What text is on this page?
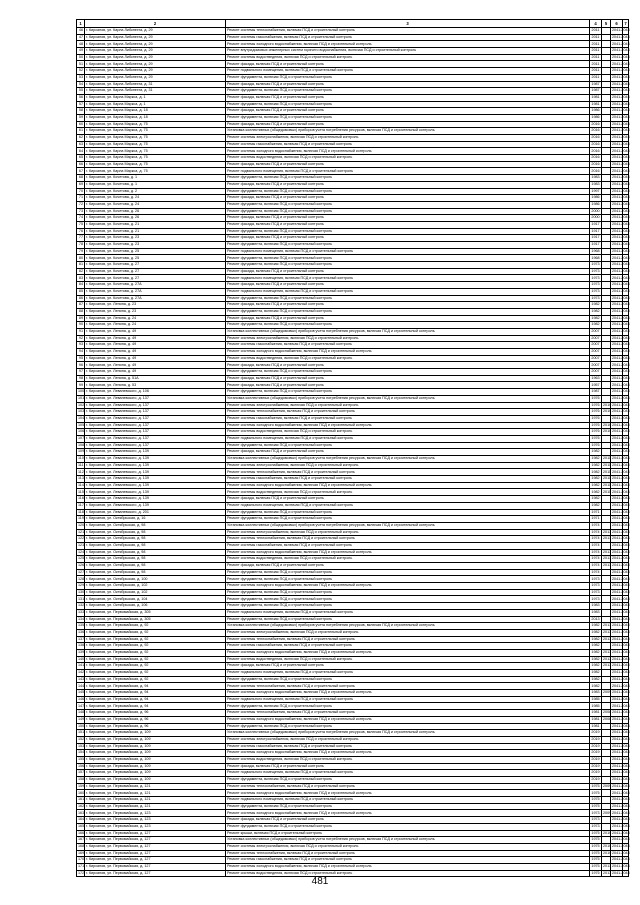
1	2	3	4	5	6	7
46	г. Кирсанов, ул. Карла Либкнехта, д. 29	Ремонт системы теплоснабжения, включая ПСД и строительный контроль	2011		2041-2043	
47	г. Кирсанов, ул. Карла Либкнехта, д. 29	Ремонт системы газоснабжения, включая ПСД и строительный контроль	2011		2041-2043	
48	г. Кирсанов, ул. Карла Либкнехта, д. 29	Ремонт системы холодного водоснабжения, включая ПСД и строительный контроль	2011		2041-2043	
49	г. Кирсанов, ул. Карла Либкнехта, д. 29	Ремонт внутридомовых инженерных систем горячего водоснабжения, включая ПСД и строительный контроль	2011		2041-2043	
50	г. Кирсанов, ул. Карла Либкнехта, д. 29	Ремонт системы водоотведения, включая ПСД и строительный контроль	2011		2041-2043	
51	г. Кирсанов, ул. Карла Либкнехта, д. 29	Ремонт фасада, включая ПСД и строительный контроль	2011		2041-2043	
52	г. Кирсанов, ул. Карла Либкнехта, д. 29	Ремонт подвального помещения, включая ПСД и строительный контроль	2011		2041-2043	
53	г. Кирсанов, ул. Карла Либкнехта, д. 29	Ремонт фундамента, включая ПСД и строительный контроль	2011		2041-2043	
54	г. Кирсанов, ул. Карла Либкнехта, д. 31	Ремонт фасада, включая ПСД и строительный контроль	1987		2041-2043	
55	г. Кирсанов, ул. Карла Либкнехта, д. 31	Ремонт фундамента, включая ПСД и строительный контроль	1987		2041-2043	
56	г. Кирсанов, ул. Карла Маркса, д. 1	Ремонт фасада, включая ПСД и строительный контроль	1981		2041-2043	
57	г. Кирсанов, ул. Карла Маркса, д. 1	Ремонт фундамента, включая ПСД и строительный контроль	1981		2041-2043	
58	г. Кирсанов, ул. Карла Маркса, д. 18	Ремонт фасада, включая ПСД и строительный контроль	1986		2041-2043	
59	г. Кирсанов, ул. Карла Маркса, д. 18	Ремонт фундамента, включая ПСД и строительный контроль	1986		2041-2043	
60	г. Кирсанов, ул. Карла Маркса, д. 75	Ремонт фасада, включая ПСД и строительный контроль	2016		2041-2043	
61	г. Кирсанов, ул. Карла Маркса, д. 75	Установка коллективных (общедомовых) приборов учета потребления ресурсов, включая ПСД и строительный контроль	2016		2041-2043	
62	г. Кирсанов, ул. Карла Маркса, д. 75	Ремонт системы электроснабжения, включая ПСД и строительный контроль	2016		2041-2043	
63	г. Кирсанов, ул. Карла Маркса, д. 75	Ремонт системы газоснабжения, включая ПСД и строительный контроль	2016		2041-2043	
64	г. Кирсанов, ул. Карла Маркса, д. 75	Ремонт системы холодного водоснабжения, включая ПСД и строительный контроль	2016		2041-2043	
65	г. Кирсанов, ул. Карла Маркса, д. 75	Ремонт системы водоотведения, включая ПСД и строительный контроль	2016		2041-2043	
66	г. Кирсанов, ул. Карла Маркса, д. 75	Ремонт фасада, включая ПСД и строительный контроль	2016		2041-2043	
67	г. Кирсанов, ул. Карла Маркса, д. 75	Ремонт подвального помещения, включая ПСД и строительный контроль	2016		2041-2043	
68	г. Кирсанов, ул. Кочетова, д. 1	Ремонт фундамента, включая ПСД и строительный контроль	1983		2041-2043	
69	г. Кирсанов, ул. Кочетова, д. 1	Ремонт фасада, включая ПСД и строительный контроль	1983		2041-2043	
70	г. Кирсанов, ул. Кочетова, д. 2	Ремонт фундамента, включая ПСД и строительный контроль	1997		2041-2043	
71	г. Кирсанов, ул. Кочетова, д. 24	Ремонт фасада, включая ПСД и строительный контроль	1986		2041-2043	
72	г. Кирсанов, ул. Кочетова, д. 24	Ремонт фундамента, включая ПСД и строительный контроль	1986		2041-2043	
73	г. Кирсанов, ул. Кочетова, д. 26	Ремонт фундамента, включая ПСД и строительный контроль	2000		2041-2043	
74	г. Кирсанов, ул. Кочетова, д. 26	Ремонт фасада, включая ПСД и строительный контроль	2000		2041-2043	
75	г. Кирсанов, ул. Кочетова, д. 21	Ремонт фасада, включая ПСД и строительный контроль	1917		2041-2043	
76	г. Кирсанов, ул. Кочетова, д. 21	Ремонт фундамента, включая ПСД и строительный контроль	1917		2041-2043	
77	г. Кирсанов, ул. Кочетова, д. 23	Ремонт фасада, включая ПСД и строительный контроль	1917		2041-2043	
78	г. Кирсанов, ул. Кочетова, д. 23	Ремонт фундамента, включая ПСД и строительный контроль	1917		2041-2043	
79	г. Кирсанов, ул. Кочетова, д. 25	Ремонт подвального помещения, включая ПСД и строительный контроль	1968		2041-2043	
80	г. Кирсанов, ул. Кочетова, д. 25	Ремонт фундамента, включая ПСД и строительный контроль	1968		2041-2043	
81	г. Кирсанов, ул. Кочетова, д. 27	Ремонт фундамента, включая ПСД и строительный контроль	1973		2041-2043	
82	г. Кирсанов, ул. Кочетова, д. 27	Ремонт фасада, включая ПСД и строительный контроль	1973		2041-2043	
83	г. Кирсанов, ул. Кочетова, д. 27	Ремонт подвального помещения, включая ПСД и строительный контроль	1973		2041-2043	
84	г. Кирсанов, ул. Кочетова, д. 27А	Ремонт фасада, включая ПСД и строительный контроль	1973		2041-2043	
85	г. Кирсанов, ул. Кочетова, д. 27А	Ремонт подвального помещения, включая ПСД и строительный контроль	1973		2041-2043	
86	г. Кирсанов, ул. Кочетова, д. 27А	Ремонт фундамента, включая ПСД и строительный контроль	1973		2041-2043	
87	г. Кирсанов, ул. Ленина, д. 23	Ремонт фасада, включая ПСД и строительный контроль	1982		2041-2043	
88	г. Кирсанов, ул. Ленина, д. 23	Ремонт фундамента, включая ПСД и строительный контроль	1982		2041-2043	
89	г. Кирсанов, ул. Ленина, д. 24	Ремонт фасада, включая ПСД и строительный контроль	1982		2041-2043	
90	г. Кирсанов, ул. Ленина, д. 24	Ремонт фундамента, включая ПСД и строительный контроль	1982		2041-2043	
91	г. Кирсанов, ул. Ленина, д. 49	Установка коллективных (общедомовых) приборов учета потребления ресурсов, включая ПСД и строительный контроль	2007		2041-2043	
92	г. Кирсанов, ул. Ленина, д. 49	Ремонт системы электроснабжения, включая ПСД и строительный контроль	2007		2041-2043	
93	г. Кирсанов, ул. Ленина, д. 49	Ремонт системы газоснабжения, включая ПСД и строительный контроль	2007		2041-2043	
94	г. Кирсанов, ул. Ленина, д. 49	Ремонт системы холодного водоснабжения, включая ПСД и строительный контроль	2007		2041-2043	
95	г. Кирсанов, ул. Ленина, д. 49	Ремонт системы водоотведения, включая ПСД и строительный контроль	2007		2041-2043	
96	г. Кирсанов, ул. Ленина, д. 49	Ремонт фасада, включая ПСД и строительный контроль	2007		2041-2043	
97	г. Кирсанов, ул. Ленина, д. 49	Ремонт фундамента, включая ПСД и строительный контроль	2007		2041-2043	
98	г. Кирсанов, ул. Ленина, д. 51А	Ремонт фасада, включая ПСД и строительный контроль	1963		2041-2043	
99	г. Кирсанов, ул. Ленина, д. 53	Ремонт фасада, включая ПСД и строительный контроль	1957		2041-2043	
100	г. Кирсанов, ул. Леваневского, д. 106	Ремонт фундамента, включая ПСД и строительный контроль	1987		2041-2043	
101	г. Кирсанов, ул. Леваневского, д. 137	Установка коллективных (общедомовых) приборов учета потребления ресурсов, включая ПСД и строительный контроль	1976		2041-2043	
102	г. Кирсанов, ул. Леваневского, д. 137	Ремонт системы электроснабжения, включая ПСД и строительный контроль	1976	2010	2041-2043	
103	г. Кирсанов, ул. Леваневского, д. 137	Ремонт системы теплоснабжения, включая ПСД и строительный контроль	1976	2010	2041-2043	
104	г. Кирсанов, ул. Леваневского, д. 137	Ремонт системы газоснабжения, включая ПСД и строительный контроль	1976		2041-2043	
105	г. Кирсанов, ул. Леваневского, д. 137	Ремонт системы холодного водоснабжения, включая ПСД и строительный контроль	1976	2010	2041-2043	
106	г. Кирсанов, ул. Леваневского, д. 137	Ремонт системы водоотведения, включая ПСД и строительный контроль	1976	2010	2041-2043	
107	г. Кирсанов, ул. Леваневского, д. 137	Ремонт подвального помещения, включая ПСД и строительный контроль	1976		2041-2043	
108	г. Кирсанов, ул. Леваневского, д. 137	Ремонт фундамента, включая ПСД и строительный контроль	1976		2041-2043	
109	г. Кирсанов, ул. Леваневского, д. 139	Ремонт фасада, включая ПСД и строительный контроль	1982		2041-2043	
110	г. Кирсанов, ул. Леваневского, д. 139	Установка коллективных (общедомовых) приборов учета потребления ресурсов, включая ПСД и строительный контроль	1982	2011	2041-2043	
111	г. Кирсанов, ул. Леваневского, д. 139	Ремонт системы электроснабжения, включая ПСД и строительный контроль	1982	2011	2041-2043	
112	г. Кирсанов, ул. Леваневского, д. 139	Ремонт системы теплоснабжения, включая ПСД и строительный контроль	1982	2011	2041-2043	
113	г. Кирсанов, ул. Леваневского, д. 139	Ремонт системы газоснабжения, включая ПСД и строительный контроль	1982	2011	2041-2043	
114	г. Кирсанов, ул. Леваневского, д. 139	Ремонт системы холодного водоснабжения, включая ПСД и строительный контроль	1982	2011	2041-2043	
115	г. Кирсанов, ул. Леваневского, д. 139	Ремонт системы водоотведения, включая ПСД и строительный контроль	1982	2011	2041-2043	
116	г. Кирсанов, ул. Леваневского, д. 139	Ремонт фасада, включая ПСД и строительный контроль	1982		2041-2043	
117	г. Кирсанов, ул. Леваневского, д. 139	Ремонт подвального помещения, включая ПСД и строительный контроль	1982		2041-2043	
118	г. Кирсанов, ул. Леваневского, д. 201	Ремонт фундамента, включая ПСД и строительный контроль	1971		2041-2043	
119	г. Кирсанов, ул. Октябрьская, д. 16	Ремонт фундамента, включая ПСД и строительный контроль	1971		2041-2043	
120	г. Кирсанов, ул. Октябрьская, д. 98	Установка коллективных (общедомовых) приборов учета потребления ресурсов, включая ПСД и строительный контроль	1974		2041-2043	
121	г. Кирсанов, ул. Октябрьская, д. 98	Ремонт системы электроснабжения, включая ПСД и строительный контроль	1974	2013	2041-2043	
122	г. Кирсанов, ул. Октябрьская, д. 98	Ремонт системы теплоснабжения, включая ПСД и строительный контроль	1974	2013	2041-2043	
123	г. Кирсанов, ул. Октябрьская, д. 98	Ремонт системы газоснабжения, включая ПСД и строительный контроль	1974		2041-2043	
124	г. Кирсанов, ул. Октябрьская, д. 98	Ремонт системы холодного водоснабжения, включая ПСД и строительный контроль	1974	2013	2041-2043	
125	г. Кирсанов, ул. Октябрьская, д. 98	Ремонт системы водоотведения, включая ПСД и строительный контроль	1974	2013	2041-2043	
126	г. Кирсанов, ул. Октябрьская, д. 98	Ремонт фасада, включая ПСД и строительный контроль	1974	2013	2041-2043	
127	г. Кирсанов, ул. Октябрьская, д. 98	Ремонт фундамента, включая ПСД и строительный контроль	1974		2041-2043	
128	г. Кирсанов, ул. Октябрьская, д. 100	Ремонт фундамента, включая ПСД и строительный контроль	1973		2041-2043	
129	г. Кирсанов, ул. Октябрьская, д. 102	Ремонт системы холодного водоснабжения, включая ПСД и строительный контроль	1973		2041-2043	
130	г. Кирсанов, ул. Октябрьская, д. 102	Ремонт фундамента, включая ПСД и строительный контроль	1973		2041-2043	
131	г. Кирсанов, ул. Октябрьская, д. 104	Ремонт фундамента, включая ПСД и строительный контроль	1973		2041-2043	
132	г. Кирсанов, ул. Октябрьская, д. 106	Ремонт фундамента, включая ПСД и строительный контроль	1983		2041-2043	
133	г. Кирсанов, ул. Первомайская, д. 305	Ремонт подвального помещения, включая ПСД и строительный контроль	1983		2041-2043	
134	г. Кирсанов, ул. Первомайская, д. 305	Ремонт фундамента, включая ПСД и строительный контроль	2013		2041-2043	
135	г. Кирсанов, ул. Первомайская, д. 92	Установка коллективных (общедомовых) приборов учета потребления ресурсов, включая ПСД и строительный контроль	1982	2013	2041-2043	
136	г. Кирсанов, ул. Первомайская, д. 92	Ремонт системы электроснабжения, включая ПСД и строительный контроль	1982	2013	2041-2043	
137	г. Кирсанов, ул. Первомайская, д. 92	Ремонт системы теплоснабжения, включая ПСД и строительный контроль	1982	2013	2041-2043	
138	г. Кирсанов, ул. Первомайская, д. 92	Ремонт системы газоснабжения, включая ПСД и строительный контроль	1982		2041-2043	
139	г. Кирсанов, ул. Первомайская, д. 92	Ремонт системы холодного водоснабжения, включая ПСД и строительный контроль	1982	2013	2041-2043	
140	г. Кирсанов, ул. Первомайская, д. 92	Ремонт системы водоотведения, включая ПСД и строительный контроль	1982	2013	2041-2043	
141	г. Кирсанов, ул. Первомайская, д. 92	Ремонт фасада, включая ПСД и строительный контроль	1982	2013	2041-2043	
142	г. Кирсанов, ул. Первомайская, д. 92	Ремонт подвального помещения, включая ПСД и строительный контроль	1982		2041-2043	
143	г. Кирсанов, ул. Первомайская, д. 92	Ремонт фундамента, включая ПСД и строительный контроль	1982		2041-2043	
144	г. Кирсанов, ул. Первомайская, д. 94	Ремонт системы теплоснабжения, включая ПСД и строительный контроль	1982		2041-2043	
145	г. Кирсанов, ул. Первомайская, д. 94	Ремонт системы холодного водоснабжения, включая ПСД и строительный контроль	1983	2009	2041-2043	
146	г. Кирсанов, ул. Первомайская, д. 94	Ремонт подвального помещения, включая ПСД и строительный контроль	1985		2041-2043	
147	г. Кирсанов, ул. Первомайская, д. 94	Ремонт фундамента, включая ПСД и строительный контроль	1985		2041-2043	
148	г. Кирсанов, ул. Первомайская, д. 96	Ремонт системы теплоснабжения, включая ПСД и строительный контроль	1981	2008	2041-2043	
149	г. Кирсанов, ул. Первомайская, д. 96	Ремонт системы холодного водоснабжения, включая ПСД и строительный контроль	1981	2008	2041-2043	
150	г. Кирсанов, ул. Первомайская, д. 96	Ремонт фундамента, включая ПСД и строительный контроль	1981		2041-2043	
151	г. Кирсанов, ул. Первомайская, д. 109	Установка коллективных (общедомовых) приборов учета потребления ресурсов, включая ПСД и строительный контроль	2019		2041-2043	
152	г. Кирсанов, ул. Первомайская, д. 109	Ремонт системы электроснабжения, включая ПСД и строительный контроль	2019		2041-2043	
153	г. Кирсанов, ул. Первомайская, д. 109	Ремонт системы газоснабжения, включая ПСД и строительный контроль	2019		2041-2043	
154	г. Кирсанов, ул. Первомайская, д. 109	Ремонт системы холодного водоснабжения, включая ПСД и строительный контроль	2019		2041-2043	
155	г. Кирсанов, ул. Первомайская, д. 109	Ремонт системы водоотведения, включая ПСД и строительный контроль	2019		2041-2043	
156	г. Кирсанов, ул. Первомайская, д. 109	Ремонт фасада, включая ПСД и строительный контроль	2019		2041-2043	
157	г. Кирсанов, ул. Первомайская, д. 109	Ремонт подвального помещения, включая ПСД и строительный контроль	2019		2041-2043	
158	г. Кирсанов, ул. Первомайская, д. 109	Ремонт фундамента, включая ПСД и строительный контроль	2019		2041-2043	
159	г. Кирсанов, ул. Первомайская, д. 121	Ремонт системы теплоснабжения, включая ПСД и строительный контроль	1975	2009	2041-2043	
160	г. Кирсанов, ул. Первомайская, д. 121	Ремонт системы холодного водоснабжения, включая ПСД и строительный контроль	1975		2041-2043	
161	г. Кирсанов, ул. Первомайская, д. 121	Ремонт подвального помещения, включая ПСД и строительный контроль	1975		2041-2043	
162	г. Кирсанов, ул. Первомайская, д. 121	Ремонт фундамента, включая ПСД и строительный контроль	1975		2041-2043	
163	г. Кирсанов, ул. Первомайская, д. 123	Ремонт системы холодного водоснабжения, включая ПСД и строительный контроль	1973	2009	2041-2043	
164	г. Кирсанов, ул. Первомайская, д. 123	Ремонт фасада, включая ПСД и строительный контроль	1973		2041-2043	
165	г. Кирсанов, ул. Первомайская, д. 123	Ремонт фундамента, включая ПСД и строительный контроль	1973		2041-2043	
166	г. Кирсанов, ул. Первомайская, д. 127	Ремонт крыши, включая ПСД и строительный контроль	1975	2010	2041-2043	
167	г. Кирсанов, ул. Первомайская, д. 127	Установка коллективных (общедомовых) приборов учета потребления ресурсов, включая ПСД и строительный контроль	1975		2041-2043	
168	г. Кирсанов, ул. Первомайская, д. 127	Ремонт системы электроснабжения, включая ПСД и строительный контроль	1975	2010	2041-2043	
169	г. Кирсанов, ул. Первомайская, д. 127	Ремонт системы теплоснабжения, включая ПСД и строительный контроль	1975	2010	2041-2043	
170	г. Кирсанов, ул. Первомайская, д. 127	Ремонт системы газоснабжения, включая ПСД и строительный контроль	1975		2041-2043	
171	г. Кирсанов, ул. Первомайская, д. 127	Ремонт системы холодного водоснабжения, включая ПСД и строительный контроль	1975	2013	2041-2043	
172	г. Кирсанов, ул. Первомайская, д. 127	Ремонт системы водоотведения, включая ПСД и строительный контроль	1975	2013	2041-2043	
481
